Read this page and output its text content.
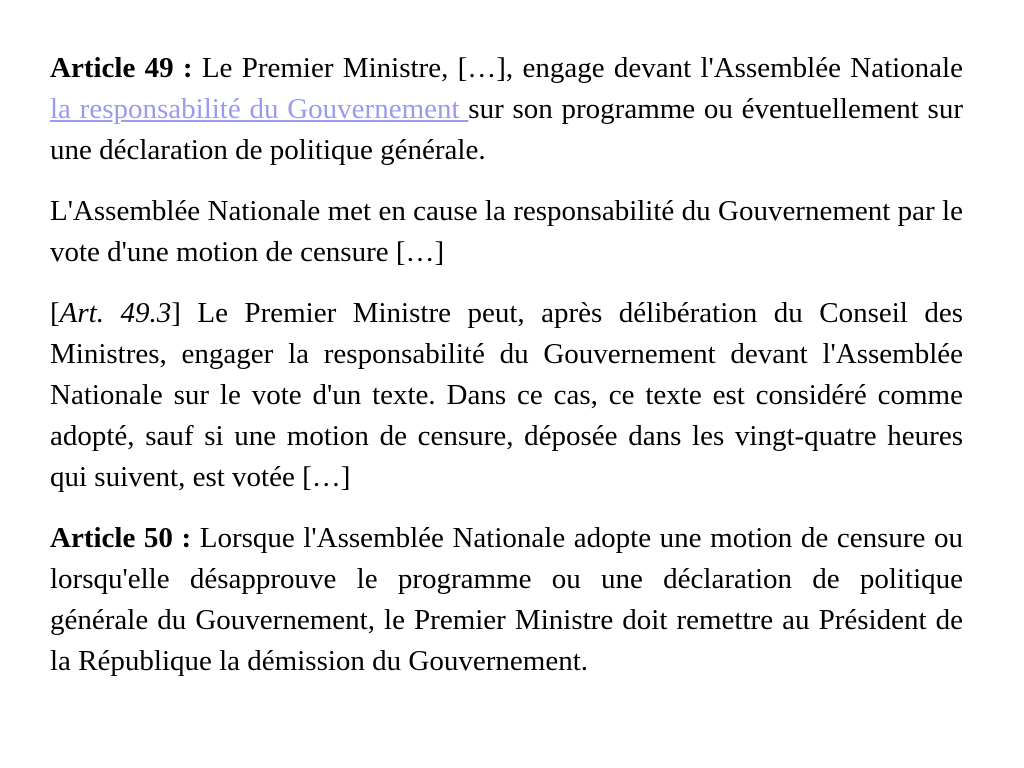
Article 49 : Le Premier Ministre, […], engage devant l'Assemblée Nationale la responsabilité du Gouvernement sur son programme ou éventuellement sur une déclaration de politique générale.

L'Assemblée Nationale met en cause la responsabilité du Gouvernement par le vote d'une motion de censure […]

[Art. 49.3] Le Premier Ministre peut, après délibération du Conseil des Ministres, engager la responsabilité du Gouvernement devant l'Assemblée Nationale sur le vote d'un texte. Dans ce cas, ce texte est considéré comme adopté, sauf si une motion de censure, déposée dans les vingt-quatre heures qui suivent, est votée […]

Article 50 : Lorsque l'Assemblée Nationale adopte une motion de censure ou lorsqu'elle désapprouve le programme ou une déclaration de politique générale du Gouvernement, le Premier Ministre doit remettre au Président de la République la démission du Gouvernement.
